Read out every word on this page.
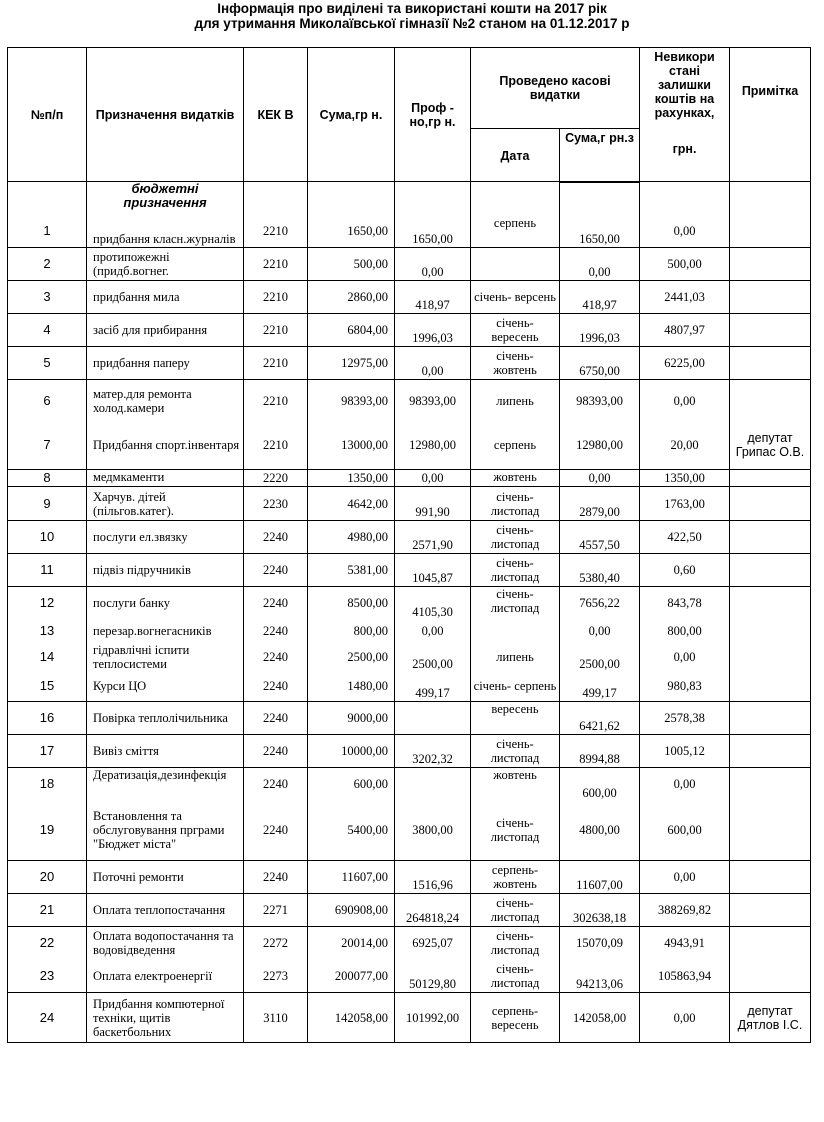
Інформація про виділені та використані кошти на 2017 рік
для утримання Миколаївської гімназії №2 станом на 01.12.2017 р
№п/п	Призначення видатків	КЕК В	Сума,гр н.	Проф - но,гр н.	Проведено касові видатки		Невикори стані залишки коштів на рахунках,
грн.	Примітка
					Дата	Сума,г рн.з		
	бюджетні призначення							
1	придбання класн.журналів	2210	1650,00	1650,00	серпень	1650,00	0,00	
2	протипожежні (придб.вогнег.	2210	500,00	0,00		0,00	500,00	
3	придбання мила	2210	2860,00	418,97	січень- версень	418,97	2441,03	
4	засіб для прибирання	2210	6804,00	1996,03	січень- вересень	1996,03	4807,97	
5	придбання паперу	2210	12975,00	0,00	січень- жовтень	6750,00	6225,00	
6	матер.для ремонта холод.камери	2210	98393,00	98393,00	липень	98393,00	0,00	
7	Придбання спорт.інвентаря	2210	13000,00	12980,00	серпень	12980,00	20,00	депутат Грипас О.В.
8	медмкаменти	2220	1350,00	0,00	жовтень	0,00	1350,00	
9	Харчув. дітей (пільгов.катег).	2230	4642,00	991,90	січень- листопад	2879,00	1763,00	
10	послуги ел.звязку	2240	4980,00	2571,90	січень- листопад	4557,50	422,50	
11	підвіз підручників	2240	5381,00	1045,87	січень- листопад	5380,40	0,60	
12	послуги банку	2240	8500,00	4105,30	січень- листопад	7656,22	843,78	
13	перезар.вогнегасників	2240	800,00	0,00		0,00	800,00	
14	гідравлічні іспити теплосистеми	2240	2500,00	2500,00	липень	2500,00	0,00	
15	Курси ЦО	2240	1480,00	499,17	січень- серпень	499,17	980,83	
16	Повірка теплолічильника	2240	9000,00		вересень	6421,62	2578,38	
17	Вивіз сміття	2240	10000,00	3202,32	січень- листопад	8994,88	1005,12	
18	Дератизація,дезинфекція	2240	600,00		жовтень	600,00	0,00	
19	Встановлення та обслуговування прграми "Бюджет міста"	2240	5400,00	3800,00	січень- листопад	4800,00	600,00	
20	Поточні ремонти	2240	11607,00	1516,96	серпень- жовтень	11607,00	0,00	
21	Оплата теплопостачання	2271	690908,00	264818,24	січень- листопад	302638,18	388269,82	
22	Оплата водопостачання та водовідведення	2272	20014,00	6925,07	січень- листопад	15070,09	4943,91	
23	Оплата електроенергії	2273	200077,00	50129,80	січень- листопад	94213,06	105863,94	
24	Придбання компютерної техніки, щитів баскетбольних	3110	142058,00	101992,00	серпень- вересень	142058,00	0,00	депутат Дятлов І.С.
